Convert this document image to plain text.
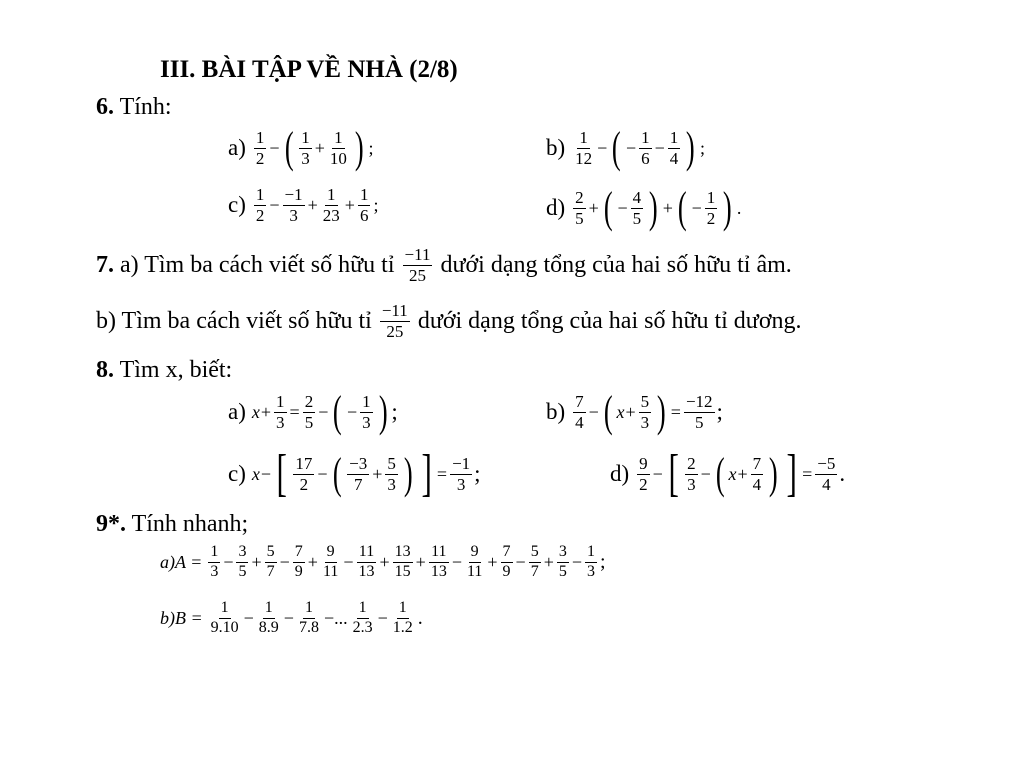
III. BÀI TẬP VỀ NHÀ (2/8)
6. Tính:
$a) \frac{1}{2}$ − ( $\frac{1}{3} + \frac{1}{10}$ ) ;	$b) \frac{1}{12}$ − ( − $\frac{1}{6} - \frac{1}{4}$ ) ;
$c) \frac{1}{2} - \frac{-1}{3} + \frac{1}{23} + \frac{1}{6}$ ;	$d) \frac{2}{5}$ + ( − $\frac{4}{5}$ ) + ( − $\frac{1}{2}$ ) .
7. a) Tìm ba cách viết số hữu tỉ $\frac{-11}{25}$ dưới dạng tổng của hai số hữu tỉ âm.
b) Tìm ba cách viết số hữu tỉ $\frac{-11}{25}$ dưới dạng tổng của hai số hữu tỉ dương.
8. Tìm x, biết:
a) $x + \frac{1}{3} = \frac{2}{5}$ − ( − $\frac{1}{3}$ ) ;	$b) \frac{7}{4}$ − ( $x + \frac{5}{3}$ ) = $\frac{-12}{5}$ ;
c) x − [ $\frac{17}{2}$ − ( $\frac{-3}{7} + \frac{5}{3}$ ) ] = $\frac{-1}{3}$ ;	$d) \frac{9}{2}$ − [ $\frac{2}{3}$ − ( $x + \frac{7}{4}$ ) ] = $\frac{-5}{4}$ .
9*. Tính nhanh;
$a)A = \frac{1}{3} - \frac{3}{5} + \frac{5}{7} - \frac{7}{9} + \frac{9}{11} - \frac{11}{13} + \frac{13}{15} + \frac{11}{13} - \frac{9}{11} + \frac{7}{9} - \frac{5}{7} + \frac{3}{5} - \frac{1}{3}$ ;
$b)B = \frac{1}{9.10} - \frac{1}{8.9} - \frac{1}{7.8}$ −... $\frac{1}{2.3} - \frac{1}{1.2}$ .
